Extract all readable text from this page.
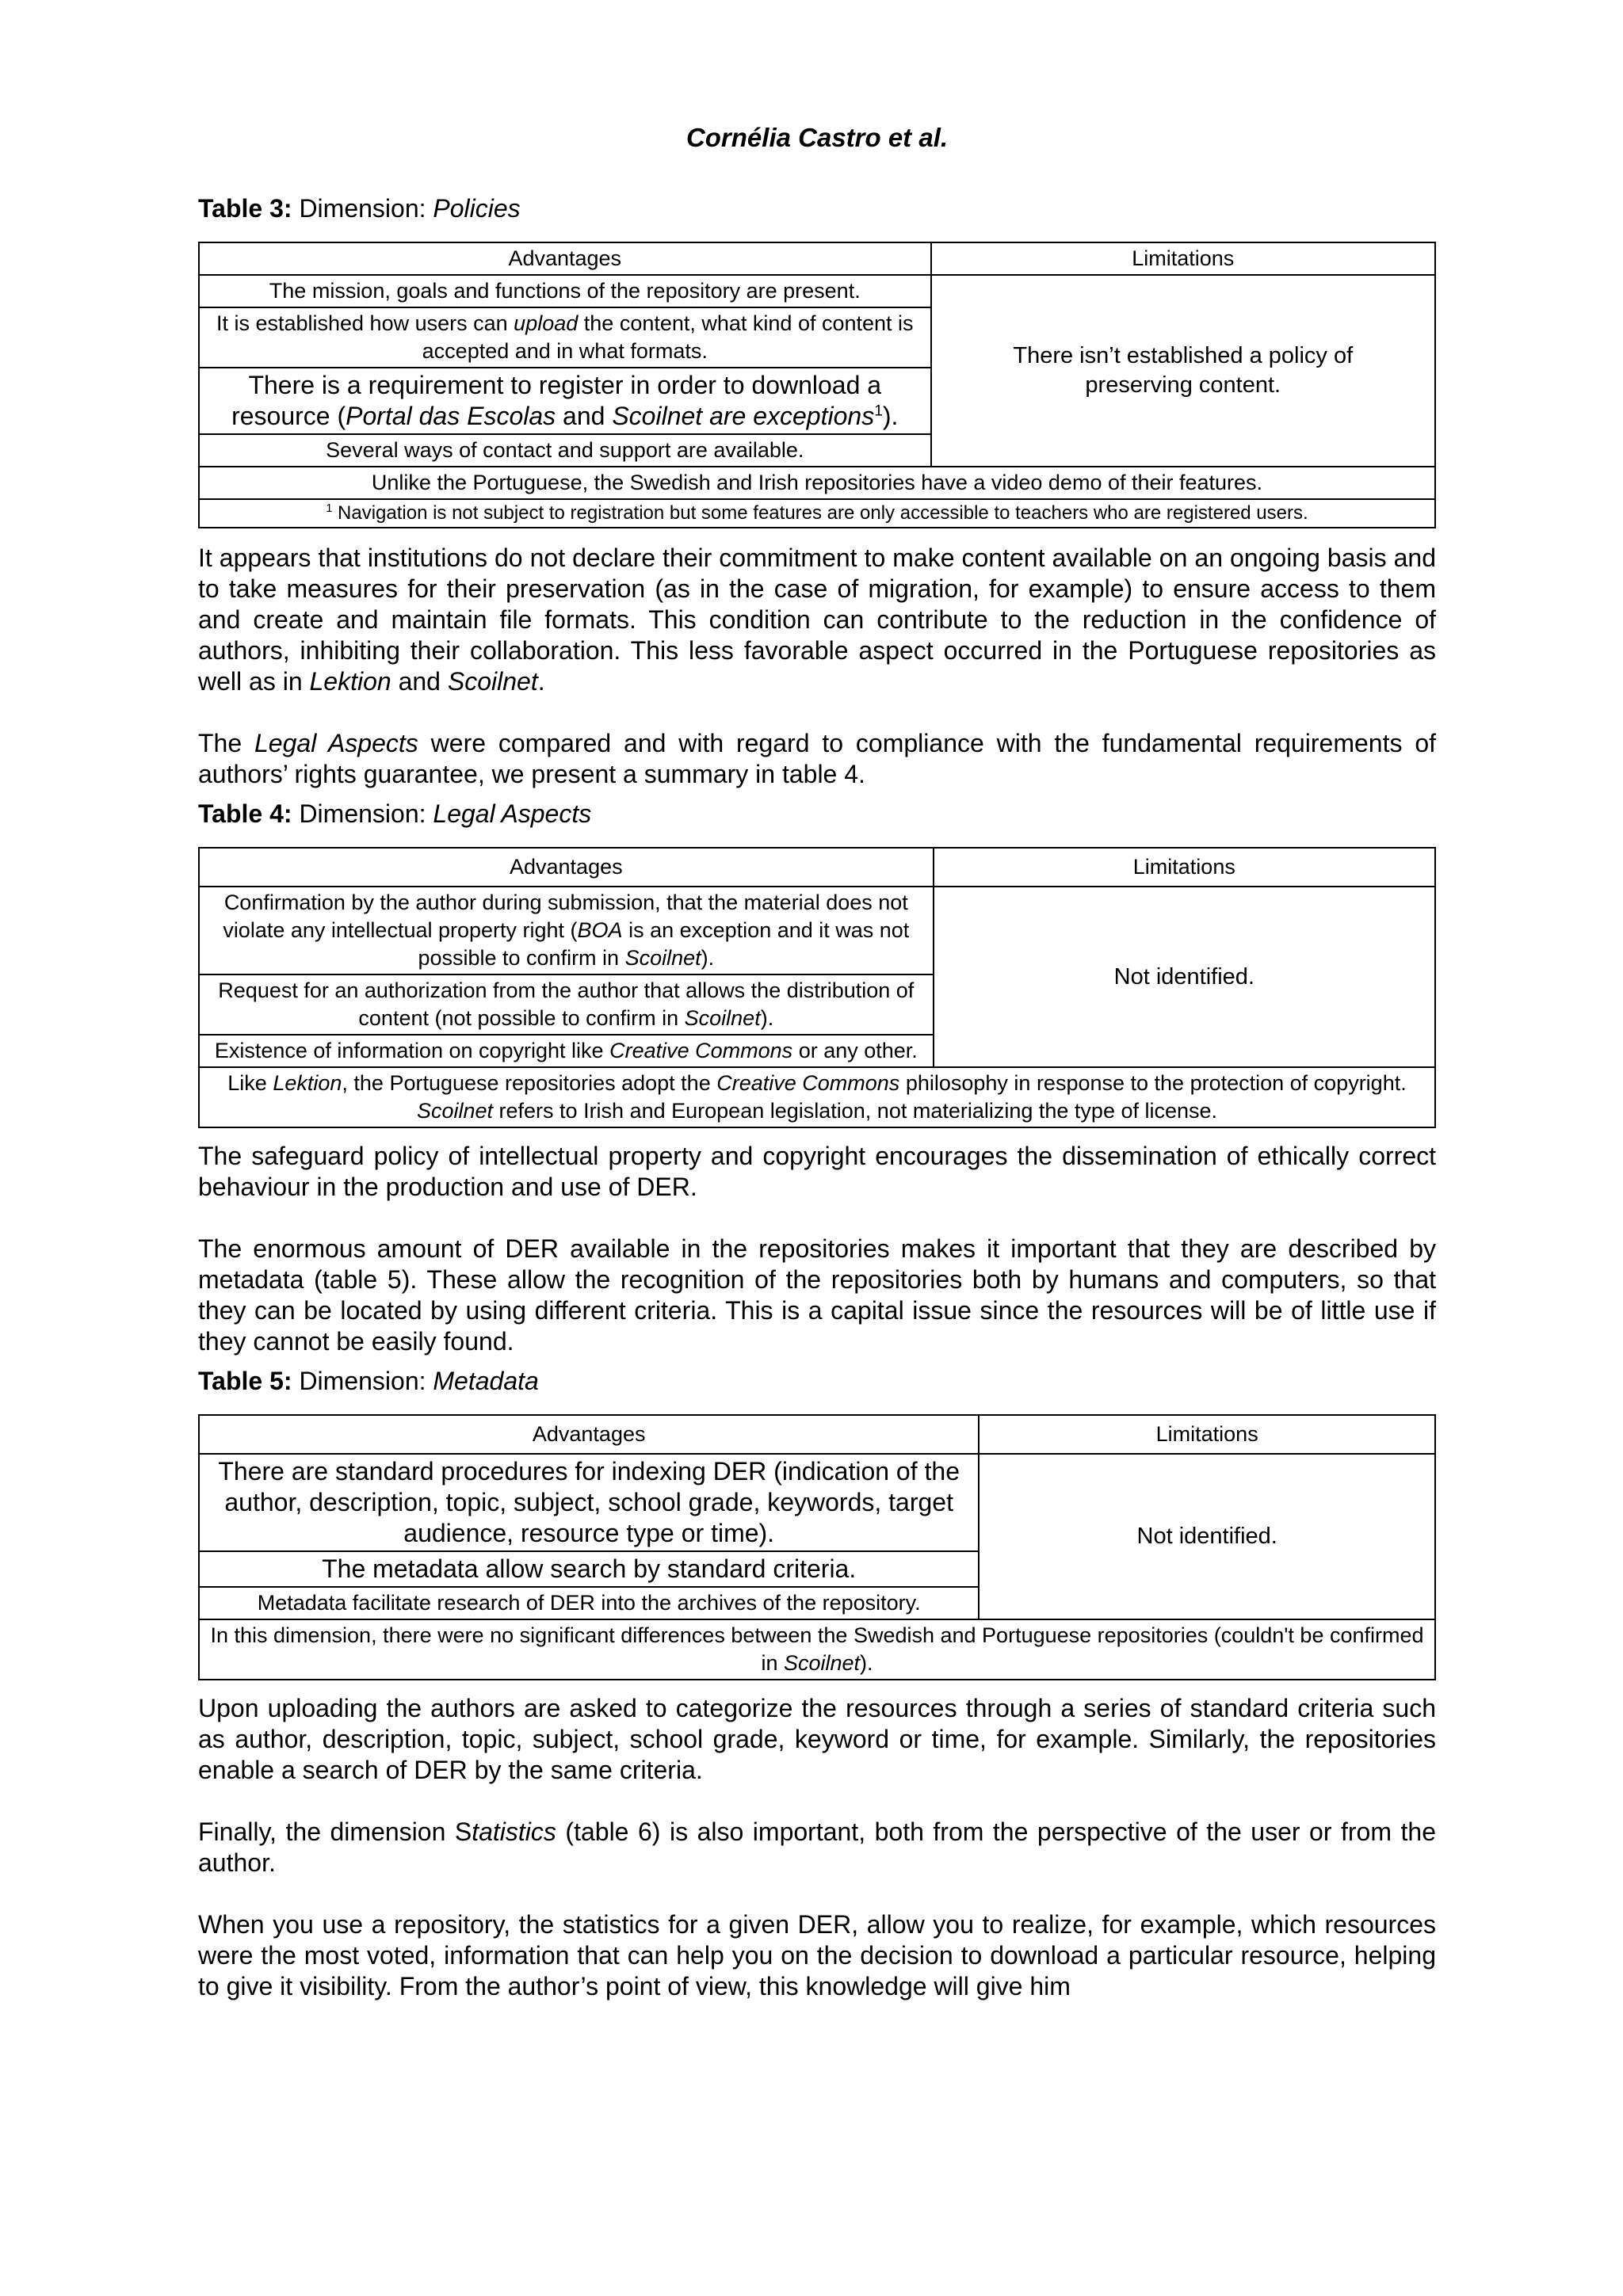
Cornélia Castro et al.
Table 3: Dimension: Policies
Advantages	Limitations
The mission, goals and functions of the repository are present.	There isn’t established a policy of preserving content.
It is established how users can upload the content, what kind of content is accepted and in what formats.	
There is a requirement to register in order to download a resource (Portal das Escolas and Scoilnet are exceptions$^1$).	
Several ways of contact and support are available.	
Unlike the Portuguese, the Swedish and Irish repositories have a video demo of their features.	
$^1$ Navigation is not subject to registration but some features are only accessible to teachers who are registered users.	

It appears that institutions do not declare their commitment to make content available on an ongoing basis and to take measures for their preservation (as in the case of migration, for example) to ensure access to them and create and maintain file formats. This condition can contribute to the reduction in the confidence of authors, inhibiting their collaboration. This less favorable aspect occurred in the Portuguese repositories as well as in Lektion and Scoilnet.

The Legal Aspects were compared and with regard to compliance with the fundamental requirements of authors’ rights guarantee, we present a summary in table 4.

Table 4: Dimension: Legal Aspects
Advantages	Limitations
Confirmation by the author during submission, that the material does not violate any intellectual property right (BOA is an exception and it was not possible to confirm in Scoilnet).	Not identified.
Request for an authorization from the author that allows the distribution of content (not possible to confirm in Scoilnet).	
Existence of information on copyright like Creative Commons or any other.	
Like Lektion, the Portuguese repositories adopt the Creative Commons philosophy in response to the protection of copyright. Scoilnet refers to Irish and European legislation, not materializing the type of license.	

The safeguard policy of intellectual property and copyright encourages the dissemination of ethically correct behaviour in the production and use of DER.

The enormous amount of DER available in the repositories makes it important that they are described by metadata (table 5). These allow the recognition of the repositories both by humans and computers, so that they can be located by using different criteria. This is a capital issue since the resources will be of little use if they cannot be easily found.

Table 5: Dimension: Metadata
Advantages	Limitations
There are standard procedures for indexing DER (indication of the author, description, topic, subject, school grade, keywords, target audience, resource type or time).	Not identified.
The metadata allow search by standard criteria.	
Metadata facilitate research of DER into the archives of the repository.	
In this dimension, there were no significant differences between the Swedish and Portuguese repositories (couldn't be confirmed in Scoilnet).	

Upon uploading the authors are asked to categorize the resources through a series of standard criteria such as author, description, topic, subject, school grade, keyword or time, for example. Similarly, the repositories enable a search of DER by the same criteria.

Finally, the dimension Statistics (table 6) is also important, both from the perspective of the user or from the author.

When you use a repository, the statistics for a given DER, allow you to realize, for example, which resources were the most voted, information that can help you on the decision to download a particular resource, helping to give it visibility. From the author’s point of view, this knowledge will give him
